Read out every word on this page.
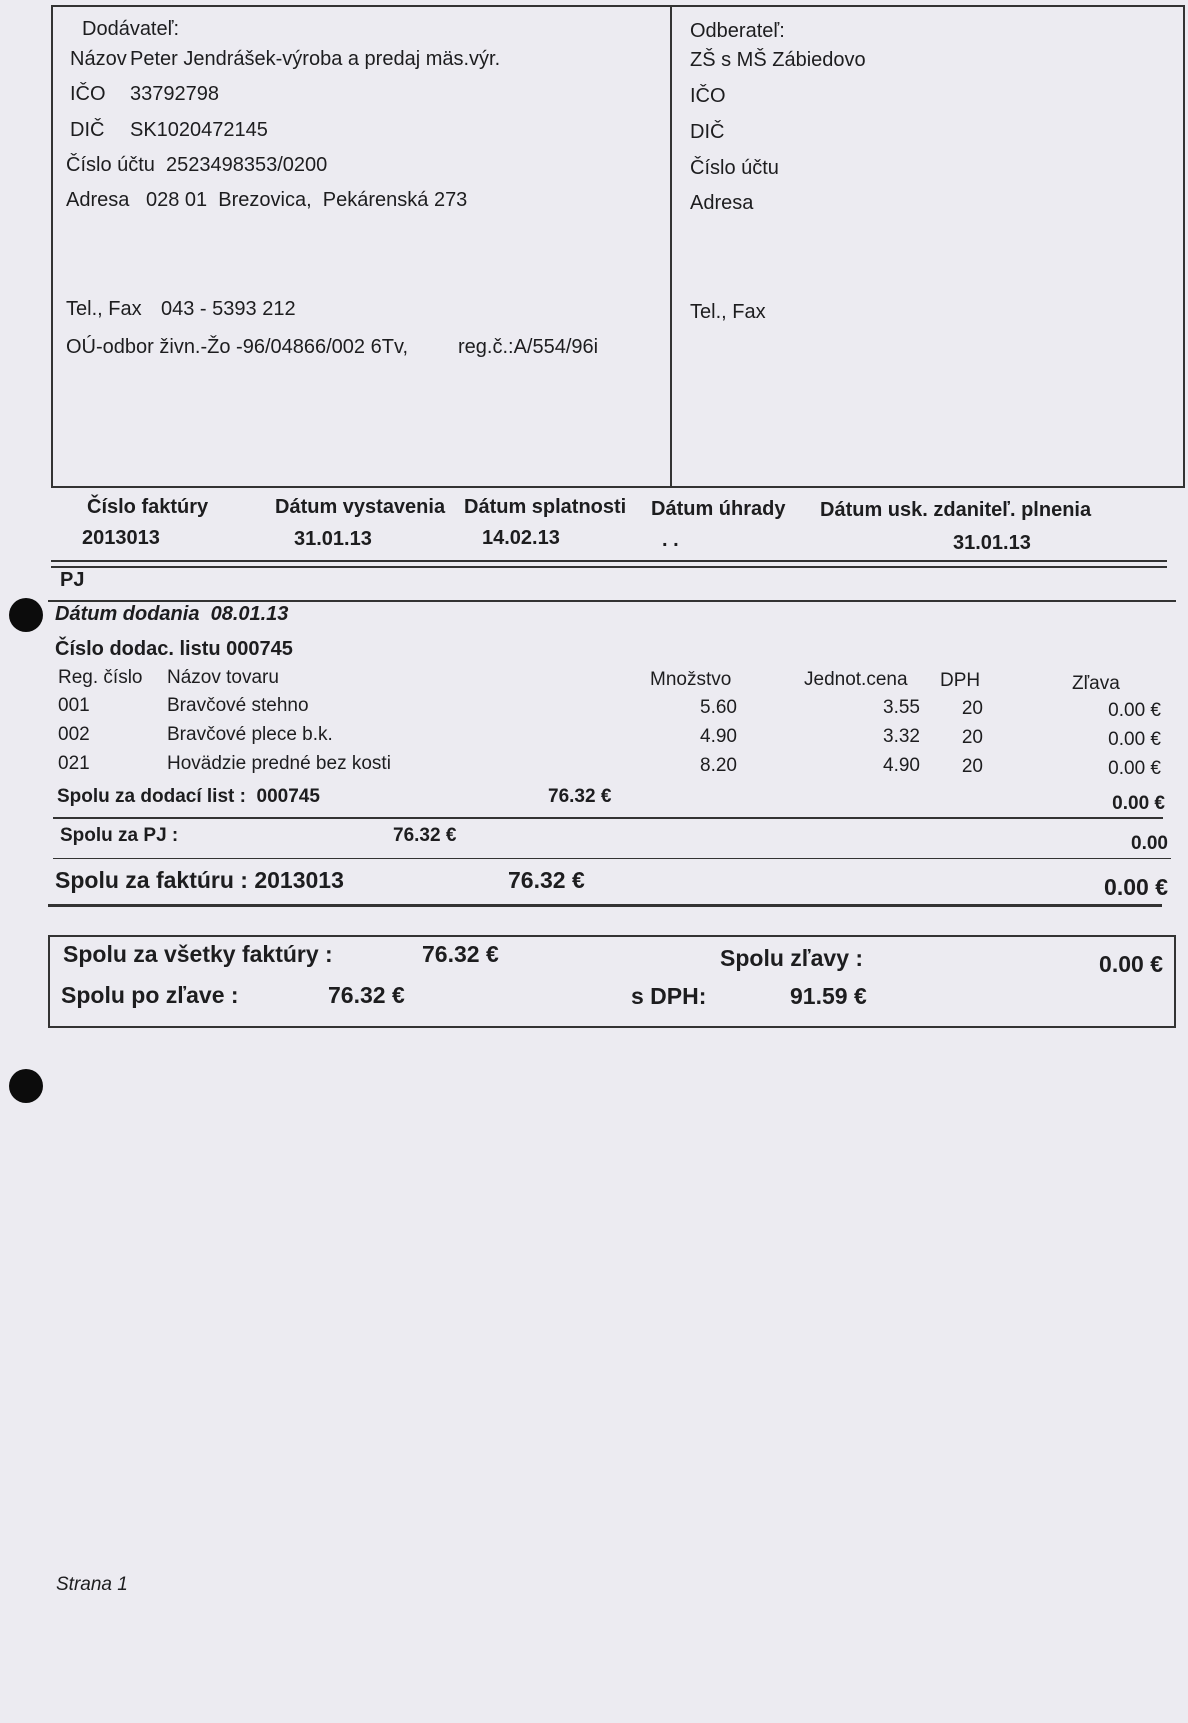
Dodávateľ:
Názov Peter Jendrášek-výroba a predaj mäs.výr.
IČO 33792798
DIČ SK1020472145
Číslo účtu 2523498353/0200
Adresa 028 01  Brezovica,  Pekárenská 273
Tel., Fax 043 - 5393 212
OÚ-odbor živn.-Žo -96/04866/002 6Tv, reg.č.:A/554/96i
Odberateľ:
ZŠ s MŠ Zábiedovo
IČO
DIČ
Číslo účtu
Adresa
Tel., Fax
Číslo faktúry	Dátum vystavenia Dátum splatnosti Dátum úhrady Dátum usk. zdaniteľ. plnenia
2013013	31.01.13	14.02.13	. .	31.01.13
PJ
Dátum dodania  08.01.13
Číslo dodac. listu 000745
Reg. číslo Názov tovaru	Množstvo	Jednot.cena DPH	Zľava
001	Bravčové stehno	5.60	3.55	20	0.00 €
002	Bravčové plece b.k.	4.90	3.32	20	0.00 €
021	Hovädzie predné bez kosti	8.20	4.90	20	0.00 €
Spolu za dodací list :  000745	76.32 €	0.00 €
Spolu za PJ :	76.32 €	0.00
Spolu za faktúru : 2013013	76.32 €	0.00 €
Spolu za všetky faktúry :	76.32 €	Spolu zľavy :	0.00 €
Spolu po zľave :	76.32 €	s DPH:	91.59 €
Strana 1
